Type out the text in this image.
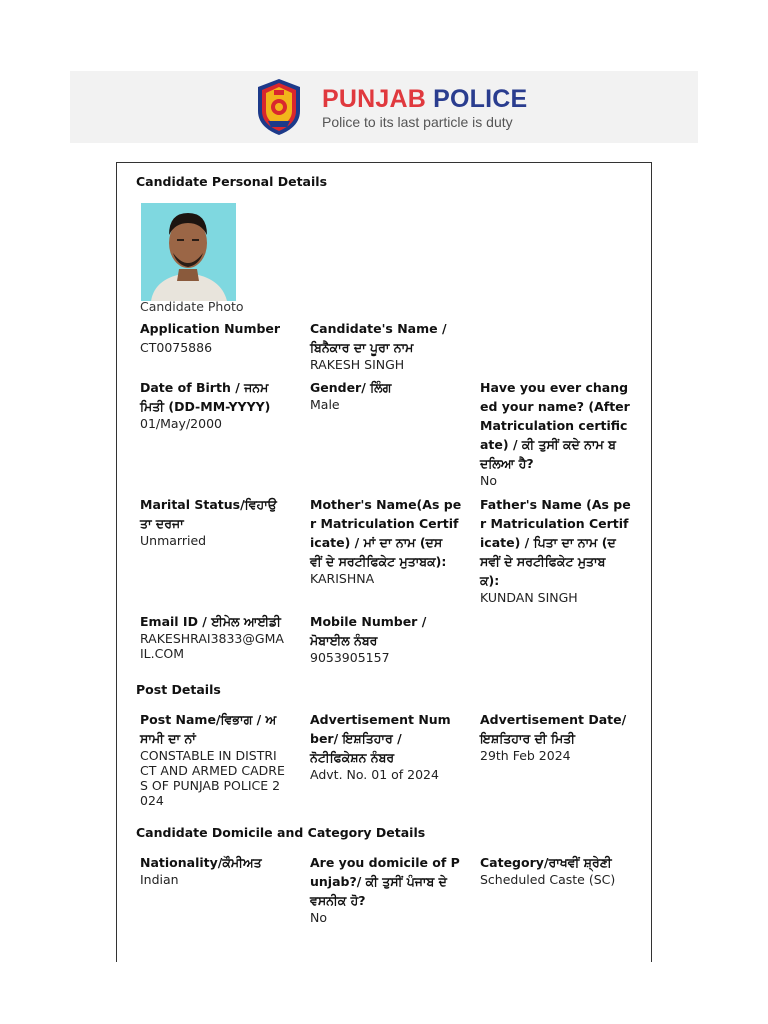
PUNJAB POLICE
Police to its last particle is duty
Candidate Personal Details
Candidate Photo
Application Number
CT0075886
Candidate's Name /
ਬਿਨੈਕਾਰ ਦਾ ਪੂਰਾ ਨਾਮ
RAKESH SINGH
Date of Birth / ਜਨਮ
ਮਿਤੀ (DD-MM-YYYY)
01/May/2000
Gender/ ਲਿੰਗ
Male
Have you ever chang
ed your name? (After
Matriculation certific
ate) / ਕੀ ਤੁਸੀਂ ਕਦੇ ਨਾਮ ਬ
ਦਲਿਆ ਹੈ?
No
Marital Status/ਵਿਹਾਉ
ਤਾ ਦਰਜਾ
Unmarried
Mother's Name(As pe
r Matriculation Certif
icate) / ਮਾਂ ਦਾ ਨਾਮ (ਦਸ
ਵੀਂ ਦੇ ਸਰਟੀਫਿਕੇਟ ਮੁਤਾਬਕ):
KARISHNA
Father's Name (As pe
r Matriculation Certif
icate) / ਪਿਤਾ ਦਾ ਨਾਮ (ਦ
ਸਵੀਂ ਦੇ ਸਰਟੀਫਿਕੇਟ ਮੁਤਾਬ
ਕ):
KUNDAN SINGH
Email ID / ਈਮੇਲ ਆਈਡੀ
RAKESHRAI3833@GMA
IL.COM
Mobile Number /
ਮੋਬਾਈਲ ਨੰਬਰ
9053905157
Post Details
Post Name/ਵਿਭਾਗ / ਅ
ਸਾਮੀ ਦਾ ਨਾਂ
CONSTABLE IN DISTRI
CT AND ARMED CADRE
S OF PUNJAB POLICE 2
024
Advertisement Num
ber/ ਇਸ਼ਤਿਹਾਰ /
ਨੋਟੀਫਿਕੇਸ਼ਨ ਨੰਬਰ
Advt. No. 01 of 2024
Advertisement Date/
ਇਸ਼ਤਿਹਾਰ ਦੀ ਮਿਤੀ
29th Feb 2024
Candidate Domicile and Category Details
Nationality/ਕੌਮੀਅਤ
Indian
Are you domicile of P
unjab?/ ਕੀ ਤੁਸੀਂ ਪੰਜਾਬ ਦੇ
ਵਸਨੀਕ ਹੋ?
No
Category/ਰਾਖਵੀਂ ਸ਼੍ਰੇਣੀ
Scheduled Caste (SC)
